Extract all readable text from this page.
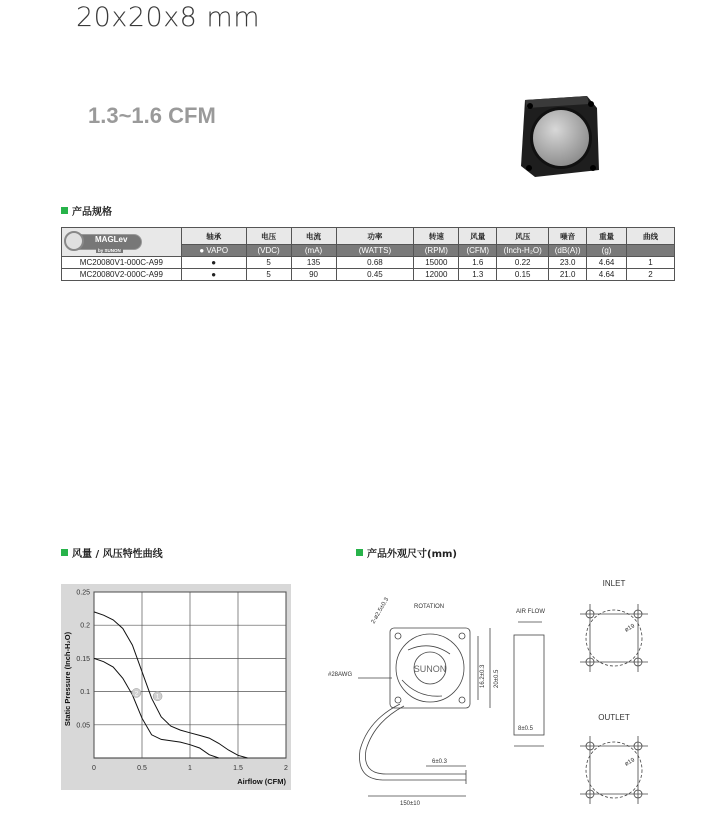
20x20x8 mm
1.3~1.6 CFM
产品规格
MAGLev
by SUNON	轴承	电压	电流	功率	转速	风量	风压	噪音	重量	曲线
	● VAPO	(VDC)	(mA)	(WATTS)	(RPM)	(CFM)	(Inch-H₂O)	(dB(A))	(g)	
MC20080V1-000C-A99	●	5	135	0.68	15000	1.6	0.22	23.0	4.64	1
MC20080V2-000C-A99	●	5	90	0.45	12000	1.3	0.15	21.0	4.64	2
风量 / 风压特性曲线
0	0.5	1	1.5	2
0.25
0.2
0.15
0.1
0.05
1
2
Airflow (CFM)
Static Pressure (Inch-H₂O)
产品外观尺寸(mm)
SUNON
ROTATION
AIR FLOW
2-ø2.5±0.3
#28AWG	16.2±0.3 20±0.5
8±0.5
6±0.3
150±10
INLET
OUTLET
ø19
ø19
